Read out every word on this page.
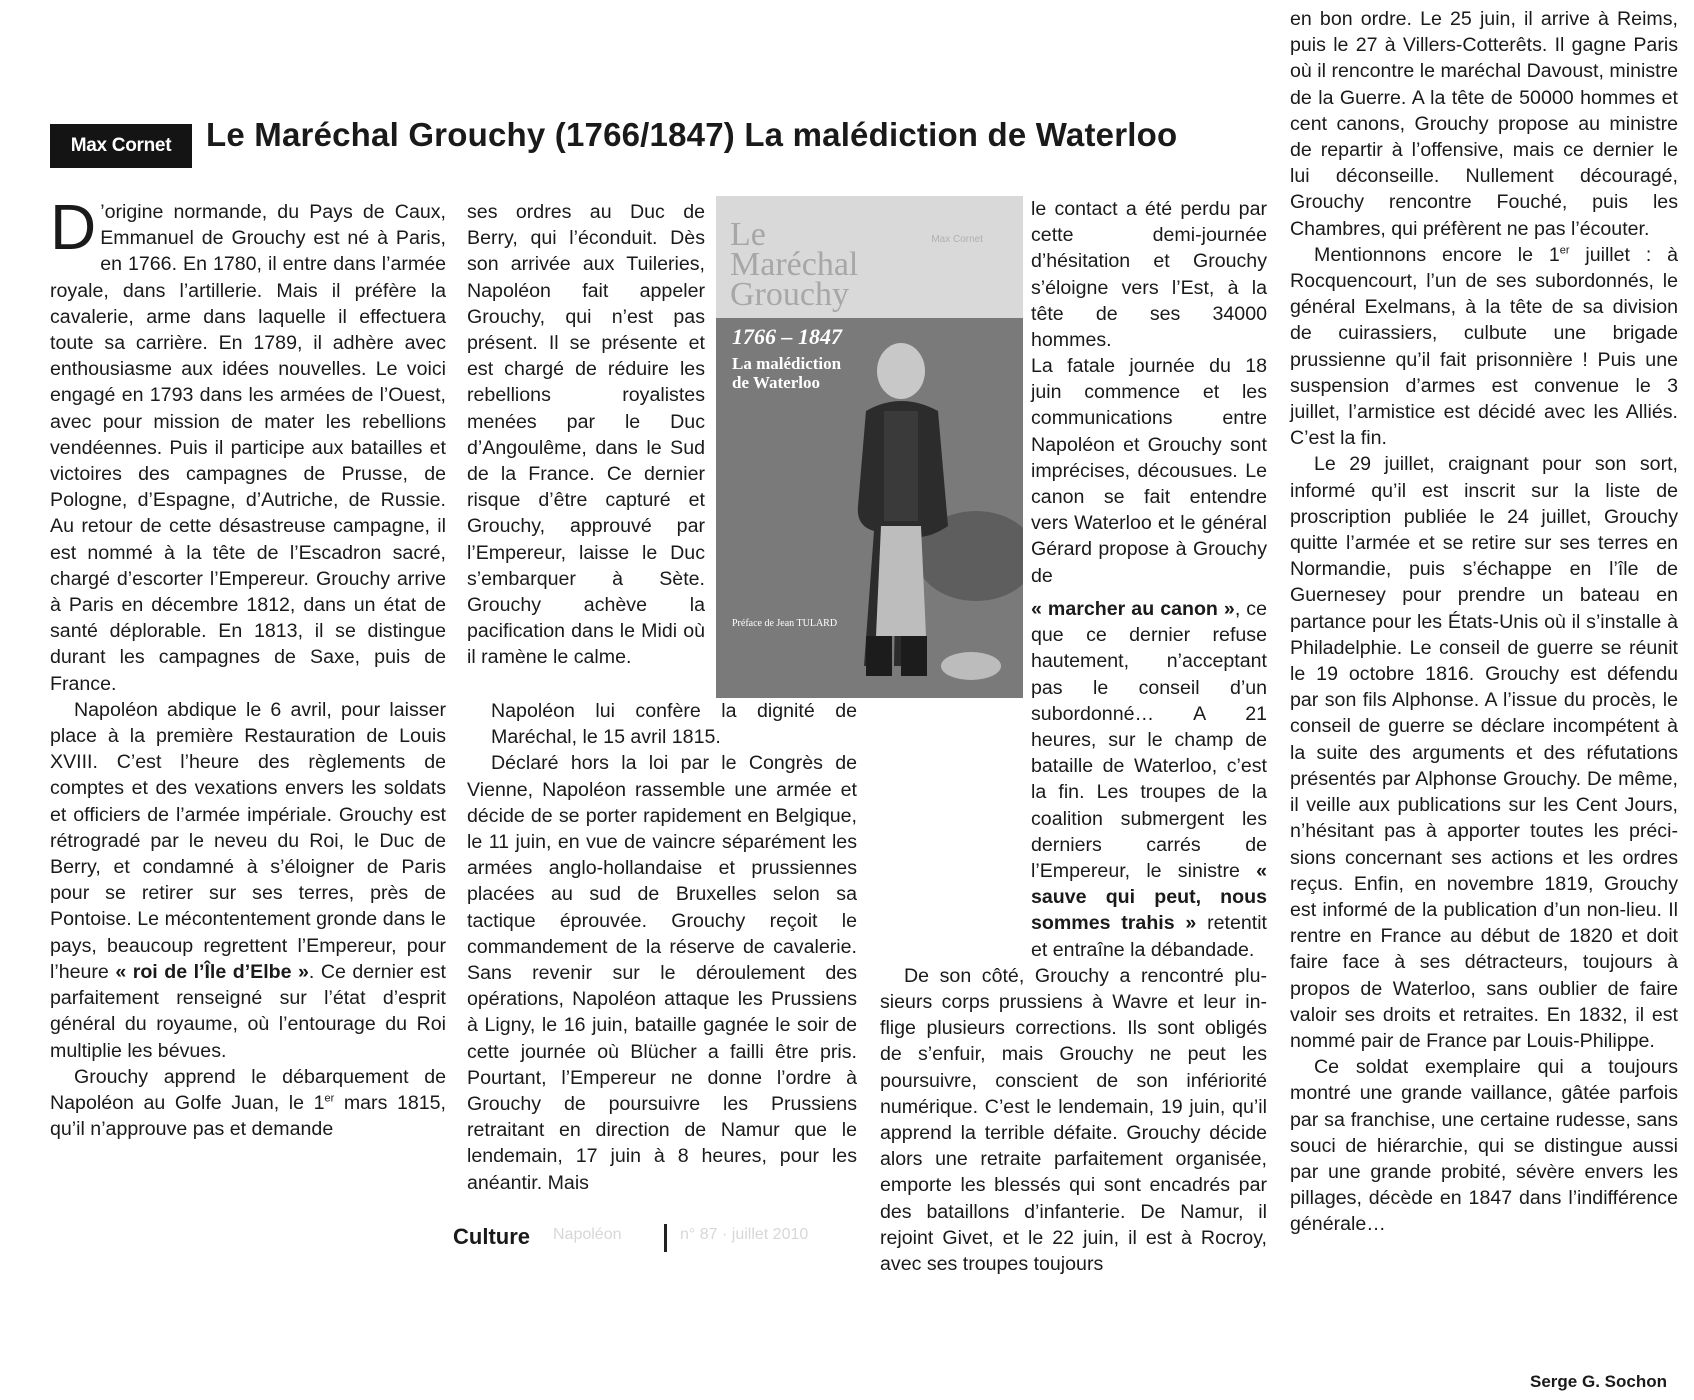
Max Cornet	Le Maréchal Grouchy (1766/1847) La malédiction de Waterloo

D ’origine normande, du Pays de Caux, Emmanuel de Grouchy est né à Paris, en 1766. En 1780, il entre dans l’armée royale, dans l’artillerie. Mais il préfère la cavalerie, arme dans laquelle il effectuera toute sa carrière. En 1789, il adhère avec enthousiasme aux idées nouvelles. Le voici engagé en 1793 dans les armées de l’Ouest, avec pour mission de mater les rebellions vendéennes. Puis il participe aux batailles et victoires des campagnes de Prusse, de Pologne, d’Espagne, d’Autriche, de Russie. Au retour de cette désastreuse campagne, il est nommé à la tête de l’Escadron sacré, chargé d’escorter l’Empereur. Grouchy arrive à Paris en décembre 1812, dans un état de santé déplorable. En 1813, il se distingue durant les campagnes de Saxe, puis de France.

Napoléon abdique le 6 avril, pour laisser place à la première Restauration de Louis XVIII. C’est l’heure des règlements de comptes et des vexations envers les soldats et officiers de l’armée impériale. Grouchy est rétrogradé par le neveu du Roi, le Duc de Berry, et condamné à s’éloigner de Paris pour se retirer sur ses terres, près de Pontoise. Le mécontentement gronde dans le pays, beaucoup regrettent l’Empereur, pour l’heure « roi de l’Île d’Elbe ». Ce dernier est parfaitement renseigné sur l’état d’esprit général du royaume, où l’entourage du Roi multiplie les bévues.

Grouchy apprend le débarquement de Napoléon au Golfe Juan, le 1er mars 1815, qu’il n’approuve pas et demande

ses ordres au Duc de Berry, qui l’éconduit. Dès son arrivée aux Tuileries, Napoléon fait appeler Grouchy, qui n’est pas présent. Il se présente et est chargé de réduire les rebellions royalistes menées par le Duc d’Angoulême, dans le Sud de la France. Ce dernier risque d’être capturé et Grouchy, approuvé par l’Empereur, laisse le Duc s’embarquer à Sète. Grouchy achève la pacification dans le Midi où il ramène le calme.

Napoléon lui confère la dignité de Maréchal, le 15 avril 1815.

Déclaré hors la loi par le Congrès de Vienne, Napoléon rassemble une armée et décide de se porter rapidement en Belgique, le 11 juin, en vue de vaincre séparément les armées anglo-hollandaise et prussiennes placées au sud de Bruxelles selon sa tactique éprouvée. Grouchy reçoit le commandement de la réserve de cavalerie. Sans revenir sur le déroulement des opérations, Napoléon attaque les Prussiens à Ligny, le 16 juin, bataille gagnée le soir de cette journée où Blücher a failli être pris. Pourtant, l’Empereur ne donne l’ordre à Grouchy de poursuivre les Prussiens retraitant en direction de Namur que le lendemain, 17 juin à 8 heures, pour les anéantir. Mais

Le
Maréchal
Grouchy
Max Cornet
1766 – 1847
La malédiction
de Waterloo
Préface de Jean TULARD

le contact a été perdu par cette demi-journée d’hésitation et Grouchy s’éloigne vers l’Est, à la tête de ses 34000 hommes.

La fatale journée du 18 juin commence et les communications entre Napoléon et Grouchy sont imprécises, décousues. Le canon se fait entendre vers Waterloo et le général Gérard propose à Grouchy de

« marcher au canon », ce que ce dernier refuse hautement, n’acceptant pas le conseil d’un subordonné… A 21 heures, sur le champ de bataille de Waterloo, c’est la fin. Les troupes de la coalition submergent les derniers carrés de l’Empereur, le sinistre « sauve qui peut, nous sommes trahis » retentit et entraîne la débandade.

De son côté, Grouchy a rencontré plusieurs corps prussiens à Wavre et leur inflige plusieurs corrections. Ils sont obligés de s’enfuir, mais Grouchy ne peut les poursuivre, conscient de son infériorité numérique. C’est le lendemain, 19 juin, qu’il apprend la terrible défaite. Grouchy décide alors une retraite parfaitement organisée, emporte les blessés qui sont encadrés par des bataillons d’infanterie. De Namur, il rejoint Givet, et le 22 juin, il est à Rocroy, avec ses troupes toujours

en bon ordre. Le 25 juin, il arrive à Reims, puis le 27 à Villers-Cotterêts. Il gagne Paris où il rencontre le maréchal Davoust, ministre de la Guerre. A la tête de 50000 hommes et cent canons, Grouchy propose au ministre de repartir à l’offensive, mais ce dernier le lui déconseille. Nullement découragé, Grouchy rencontre Fouché, puis les Chambres, qui préfèrent ne pas l’écouter.

Mentionnons encore le 1er juillet : à Rocquencourt, l’un de ses subordonnés, le général Exelmans, à la tête de sa division de cuirassiers, culbute une brigade prussienne qu’il fait prisonnière ! Puis une suspension d’armes est convenue le 3 juillet, l’armistice est décidé avec les Alliés. C’est la fin.

Le 29 juillet, craignant pour son sort, informé qu’il est inscrit sur la liste de proscription publiée le 24 juillet, Grouchy quitte l’armée et se retire sur ses terres en Normandie, puis s’échappe en l’île de Guernesey pour prendre un bateau en partance pour les États-Unis où il s’installe à Philadelphie. Le conseil de guerre se réunit le 19 octobre 1816. Grouchy est défendu par son fils Alphonse. A l’issue du procès, le conseil de guerre se déclare incompétent à la suite des arguments et des réfutations présentés par Alphonse Grouchy. De même, il veille aux publications sur les Cent Jours, n’hésitant pas à apporter toutes les précisions concernant ses actions et les ordres reçus. Enfin, en novembre 1819, Grouchy est informé de la publication d’un non-lieu. Il rentre en France au début de 1820 et doit faire face à ses détracteurs, toujours à propos de Waterloo, sans oublier de faire valoir ses droits et retraites. En 1832, il est nommé pair de France par Louis-Philippe.

Ce soldat exemplaire qui a toujours montré une grande vaillance, gâtée parfois par sa franchise, une certaine rudesse, sans souci de hiérarchie, qui se distingue aussi par une grande probité, sévère envers les pillages, décède en 1847 dans l’indifférence générale…

Culture Napoléon	n° 87 · juillet 2010
Serge G. Sochon
